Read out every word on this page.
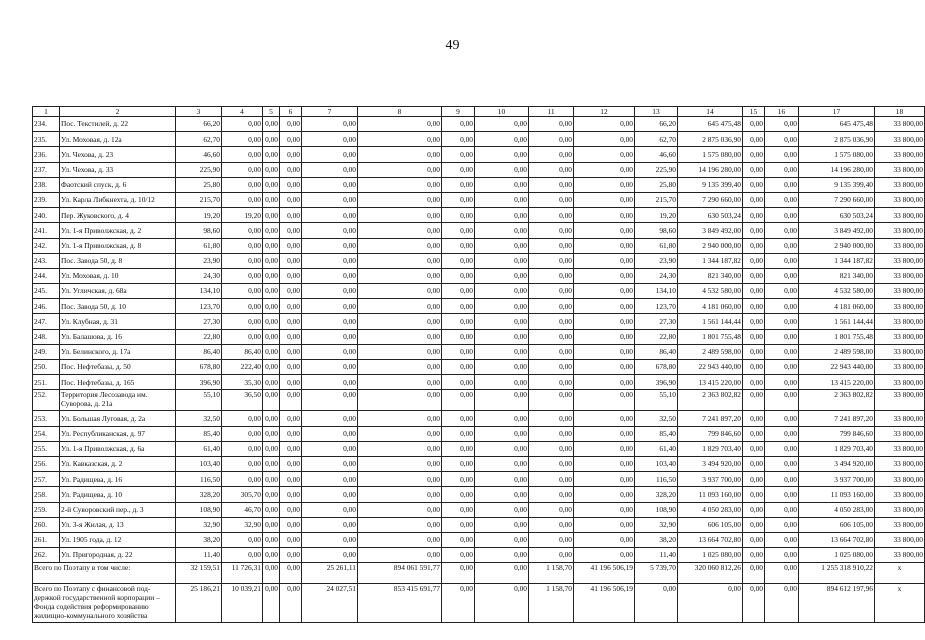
49
1	2	3	4	5	6	7	8	9	10	11	12	13	14	15	16	17	18
234.	Пос. Текстилей, д. 22	66,20	0,00	0,00	0,00	0,00	0,00	0,00	0,00	0,00	0,00	66,20	645 475,48	0,00	0,00	645 475,48	33 800,00
235.	Ул. Моховая, д. 12а	62,70	0,00	0,00	0,00	0,00	0,00	0,00	0,00	0,00	0,00	62,70	2 875 036,90	0,00	0,00	2 875 036,90	33 800,00
236.	Ул. Чехова, д. 23	46,60	0,00	0,00	0,00	0,00	0,00	0,00	0,00	0,00	0,00	46,60	1 575 080,00	0,00	0,00	1 575 080,00	33 800,00
237.	Ул. Чехова, д. 33	225,90	0,00	0,00	0,00	0,00	0,00	0,00	0,00	0,00	0,00	225,90	14 196 280,00	0,00	0,00	14 196 280,00	33 800,00
238.	Фаотский спуск, д. 6	25,80	0,00	0,00	0,00	0,00	0,00	0,00	0,00	0,00	0,00	25,80	9 135 399,40	0,00	0,00	9 135 399,40	33 800,00
239.	Ул. Карла Либкнехта, д. 10/12	215,70	0,00	0,00	0,00	0,00	0,00	0,00	0,00	0,00	0,00	215,70	7 290 660,00	0,00	0,00	7 290 660,00	33 800,00
240.	Пер. Жуковского, д. 4	19,20	19,20	0,00	0,00	0,00	0,00	0,00	0,00	0,00	0,00	19,20	630 503,24	0,00	0,00	630 503,24	33 800,00
241.	Ул. 1-я Приволжская, д. 2	98,60	0,00	0,00	0,00	0,00	0,00	0,00	0,00	0,00	0,00	98,60	3 849 492,00	0,00	0,00	3 849 492,00	33 800,00
242.	Ул. 1-я Приволжская, д. 8	61,80	0,00	0,00	0,00	0,00	0,00	0,00	0,00	0,00	0,00	61,80	2 940 000,00	0,00	0,00	2 940 000,00	33 800,00
243.	Пос. Завода 50, д. 8	23,90	0,00	0,00	0,00	0,00	0,00	0,00	0,00	0,00	0,00	23,90	1 344 187,82	0,00	0,00	1 344 187,82	33 800,00
244.	Ул. Моховая, д. 10	24,30	0,00	0,00	0,00	0,00	0,00	0,00	0,00	0,00	0,00	24,30	821 340,00	0,00	0,00	821 340,00	33 800,00
245.	Ул. Угличская, д. 68а	134,10	0,00	0,00	0,00	0,00	0,00	0,00	0,00	0,00	0,00	134,10	4 532 580,00	0,00	0,00	4 532 580,00	33 800,00
246.	Пос. Завода 50, д. 10	123,70	0,00	0,00	0,00	0,00	0,00	0,00	0,00	0,00	0,00	123,70	4 181 060,00	0,00	0,00	4 181 060,00	33 800,00
247.	Ул. Клубная, д. 31	27,30	0,00	0,00	0,00	0,00	0,00	0,00	0,00	0,00	0,00	27,30	1 561 144,44	0,00	0,00	1 561 144,44	33 800,00
248.	Ул. Балашова, д. 16	22,80	0,00	0,00	0,00	0,00	0,00	0,00	0,00	0,00	0,00	22,80	1 801 755,48	0,00	0,00	1 801 755,48	33 800,00
249.	Ул. Белинского, д. 17а	86,40	86,40	0,00	0,00	0,00	0,00	0,00	0,00	0,00	0,00	86,40	2 489 598,00	0,00	0,00	2 489 598,00	33 800,00
250.	Пос. Нефтебазы, д. 50	678,80	222,40	0,00	0,00	0,00	0,00	0,00	0,00	0,00	0,00	678,80	22 943 440,00	0,00	0,00	22 943 440,00	33 800,00
251.	Пос. Нефтебазы, д. 165	396,90	35,30	0,00	0,00	0,00	0,00	0,00	0,00	0,00	0,00	396,90	13 415 220,00	0,00	0,00	13 415 220,00	33 800,00
252.	Территория Лесозавода им. Суворова, д. 21а	55,10	36,50	0,00	0,00	0,00	0,00	0,00	0,00	0,00	0,00	55,10	2 363 802,82	0,00	0,00	2 363 802,82	33 800,00
253.	Ул. Большая Луговая, д. 2а	32,50	0,00	0,00	0,00	0,00	0,00	0,00	0,00	0,00	0,00	32,50	7 241 897,20	0,00	0,00	7 241 897,20	33 800,00
254.	Ул. Республиканская, д. 97	85,40	0,00	0,00	0,00	0,00	0,00	0,00	0,00	0,00	0,00	85,40	799 846,60	0,00	0,00	799 846,60	33 800,00
255.	Ул. 1-я Приволжская, д. 6а	61,40	0,00	0,00	0,00	0,00	0,00	0,00	0,00	0,00	0,00	61,40	1 829 703,40	0,00	0,00	1 829 703,40	33 800,00
256.	Ул. Кавказская, д. 2	103,40	0,00	0,00	0,00	0,00	0,00	0,00	0,00	0,00	0,00	103,40	3 494 920,00	0,00	0,00	3 494 920,00	33 800,00
257.	Ул. Радищева, д. 16	116,50	0,00	0,00	0,00	0,00	0,00	0,00	0,00	0,00	0,00	116,50	3 937 700,00	0,00	0,00	3 937 700,00	33 800,00
258.	Ул. Радищева, д. 10	328,20	305,70	0,00	0,00	0,00	0,00	0,00	0,00	0,00	0,00	328,20	11 093 160,00	0,00	0,00	11 093 160,00	33 800,00
259.	2-й Суворовский пер., д. 3	108,90	46,70	0,00	0,00	0,00	0,00	0,00	0,00	0,00	0,00	108,90	4 050 283,00	0,00	0,00	4 050 283,00	33 800,00
260.	Ул. 3-я Жилая, д. 13	32,90	32,90	0,00	0,00	0,00	0,00	0,00	0,00	0,00	0,00	32,90	606 105,00	0,00	0,00	606 105,00	33 800,00
261.	Ул. 1905 года, д. 12	38,20	0,00	0,00	0,00	0,00	0,00	0,00	0,00	0,00	0,00	38,20	13 664 702,80	0,00	0,00	13 664 702,80	33 800,00
262.	Ул. Пригородная, д. 22	11,40	0,00	0,00	0,00	0,00	0,00	0,00	0,00	0,00	0,00	11,40	1 025 080,00	0,00	0,00	1 025 080,00	33 800,00
Всего по Поэтапу в том числе:		32 159,51	11 726,31	0,00	0,00	25 261,11	894 061 591,77	0,00	0,00	1 158,70	41 196 506,19	5 739,70	320 060 812,26	0,00	0,00	1 255 318 910,22	x
Всего по Поэтапу с финансовой под-держкой государственной корпорации – Фонда содействия реформированию жилищно-коммунального хозяйства		25 186,21	10 039,21	0,00	0,00	24 027,51	853 415 691,77	0,00	0,00	1 158,70	41 196 506,19	0,00	0,00	0,00	0,00	894 612 197,96	x
